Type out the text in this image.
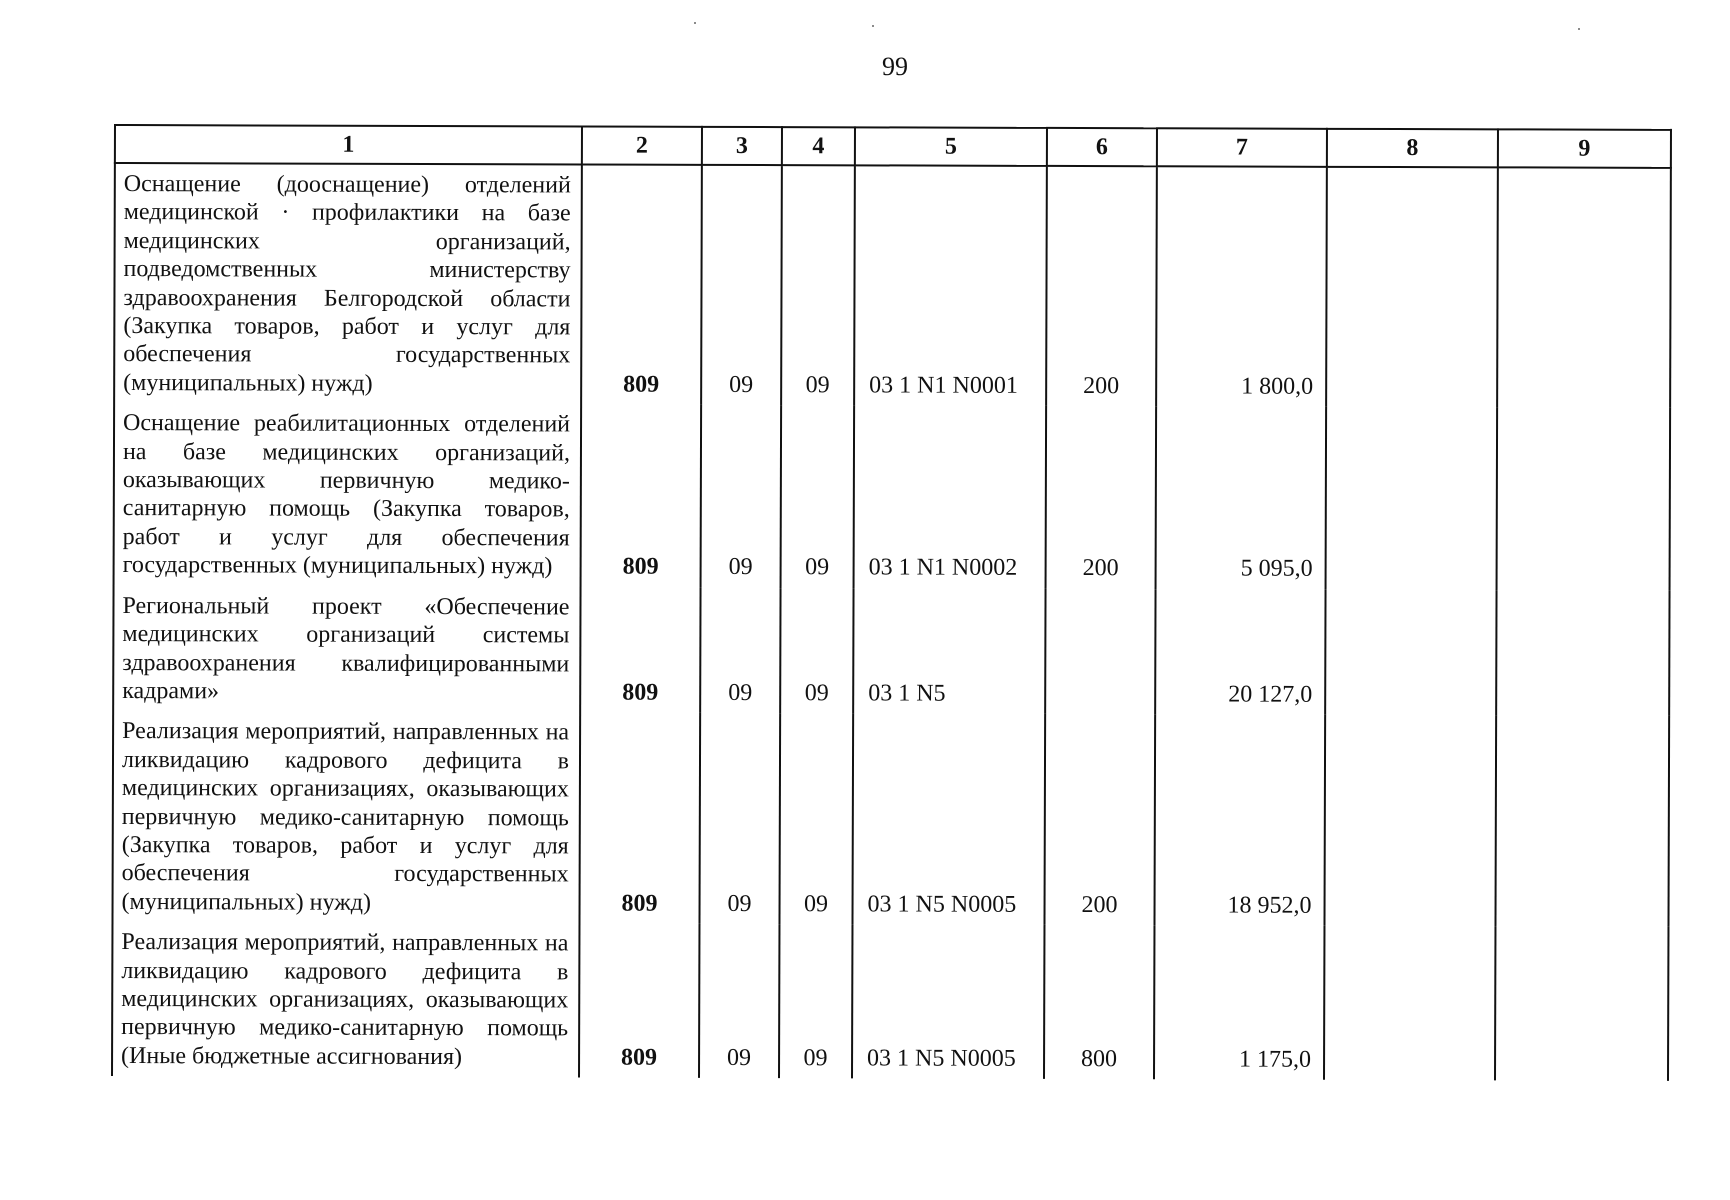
99
1	2	3	4	5	6	7	8	9
Оснащение (дооснащение) отделений медицинской · профилактики на базе медицинских организаций, подведомственных министерству здравоохранения Белгородской области (Закупка товаров, работ и услуг для обеспечения государственных (муниципальных) нужд)	809	09	09	03 1 N1 N0001	200	1 800,0		
Оснащение реабилитационных отделений на базе медицинских организаций, оказывающих первичную медико-санитарную помощь (Закупка товаров, работ и услуг для обеспечения государственных (муниципальных) нужд)	809	09	09	03 1 N1 N0002	200	5 095,0		
Региональный проект «Обеспечение медицинских организаций системы здравоохранения квалифицированными кадрами»	809	09	09	03 1 N5		20 127,0		
Реализация мероприятий, направленных на ликвидацию кадрового дефицита в медицинских организациях, оказывающих первичную медико-санитарную помощь (Закупка товаров, работ и услуг для обеспечения государственных (муниципальных) нужд)	809	09	09	03 1 N5 N0005	200	18 952,0		
Реализация мероприятий, направленных на ликвидацию кадрового дефицита в медицинских организациях, оказывающих первичную медико-санитарную помощь (Иные бюджетные ассигнования)	809	09	09	03 1 N5 N0005	800	1 175,0		
